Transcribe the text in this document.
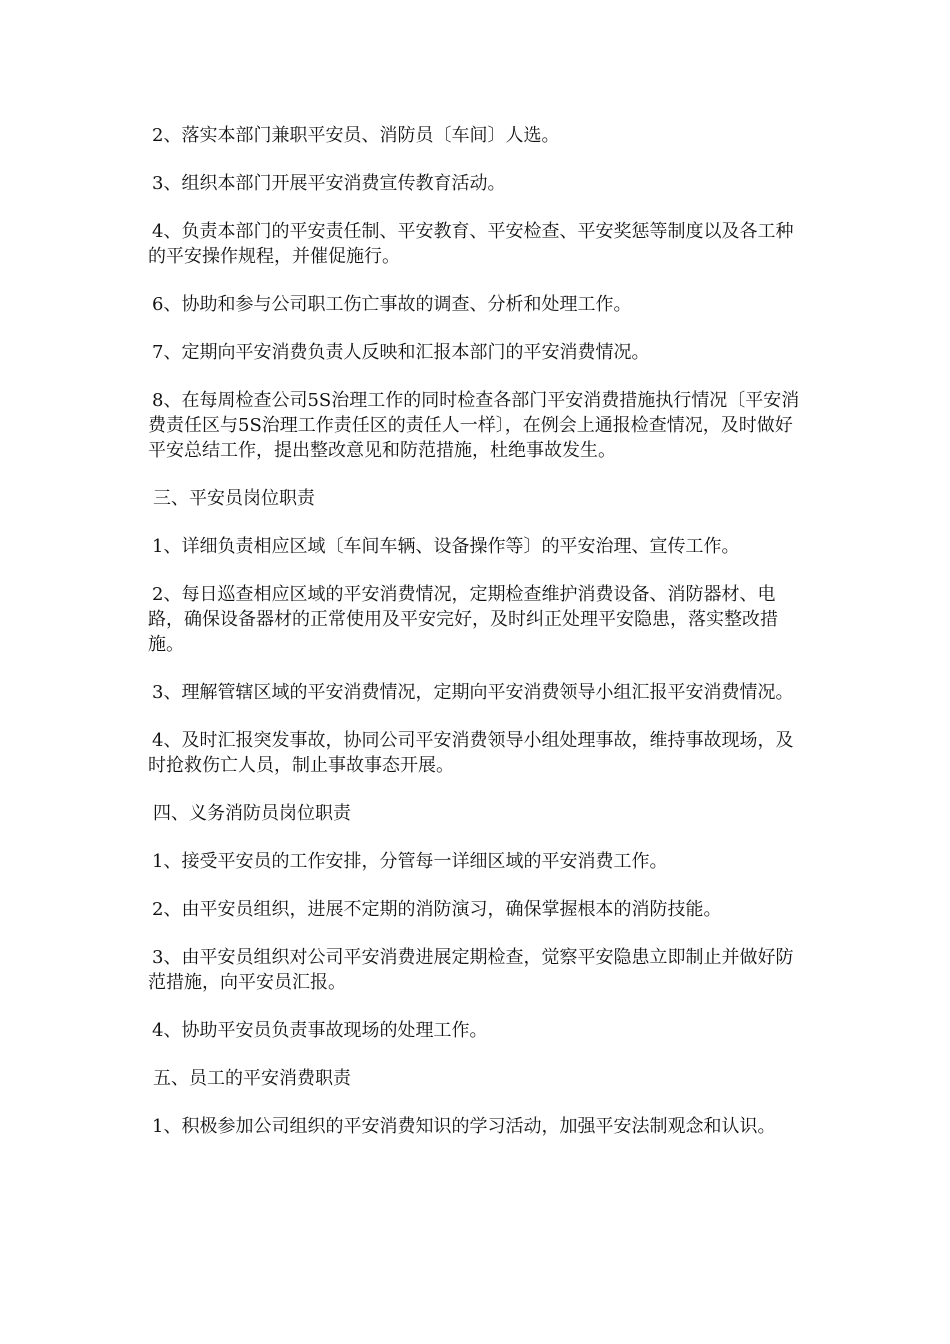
2、落实本部门兼职平安员、消防员〔车间〕人选。

3、组织本部门开展平安消费宣传教育活动。

4、负责本部门的平安责任制、平安教育、平安检查、平安奖惩等制度以及各工种的平安操作规程，并催促施行。

6、协助和参与公司职工伤亡事故的调查、分析和处理工作。

7、定期向平安消费负责人反映和汇报本部门的平安消费情况。

8、在每周检查公司5S治理工作的同时检查各部门平安消费措施执行情况〔平安消费责任区与5S治理工作责任区的责任人一样〕，在例会上通报检查情况，及时做好平安总结工作，提出整改意见和防范措施，杜绝事故发生。

三、平安员岗位职责

1、详细负责相应区域〔车间车辆、设备操作等〕的平安治理、宣传工作。

2、每日巡查相应区域的平安消费情况，定期检查维护消费设备、消防器材、电路，确保设备器材的正常使用及平安完好，及时纠正处理平安隐患，落实整改措施。

3、理解管辖区域的平安消费情况，定期向平安消费领导小组汇报平安消费情况。

4、及时汇报突发事故，协同公司平安消费领导小组处理事故，维持事故现场，及时抢救伤亡人员，制止事故事态开展。

四、义务消防员岗位职责

1、接受平安员的工作安排，分管每一详细区域的平安消费工作。

2、由平安员组织，进展不定期的消防演习，确保掌握根本的消防技能。

3、由平安员组织对公司平安消费进展定期检查，觉察平安隐患立即制止并做好防范措施，向平安员汇报。

4、协助平安员负责事故现场的处理工作。

五、员工的平安消费职责

1、积极参加公司组织的平安消费知识的学习活动，加强平安法制观念和认识。
